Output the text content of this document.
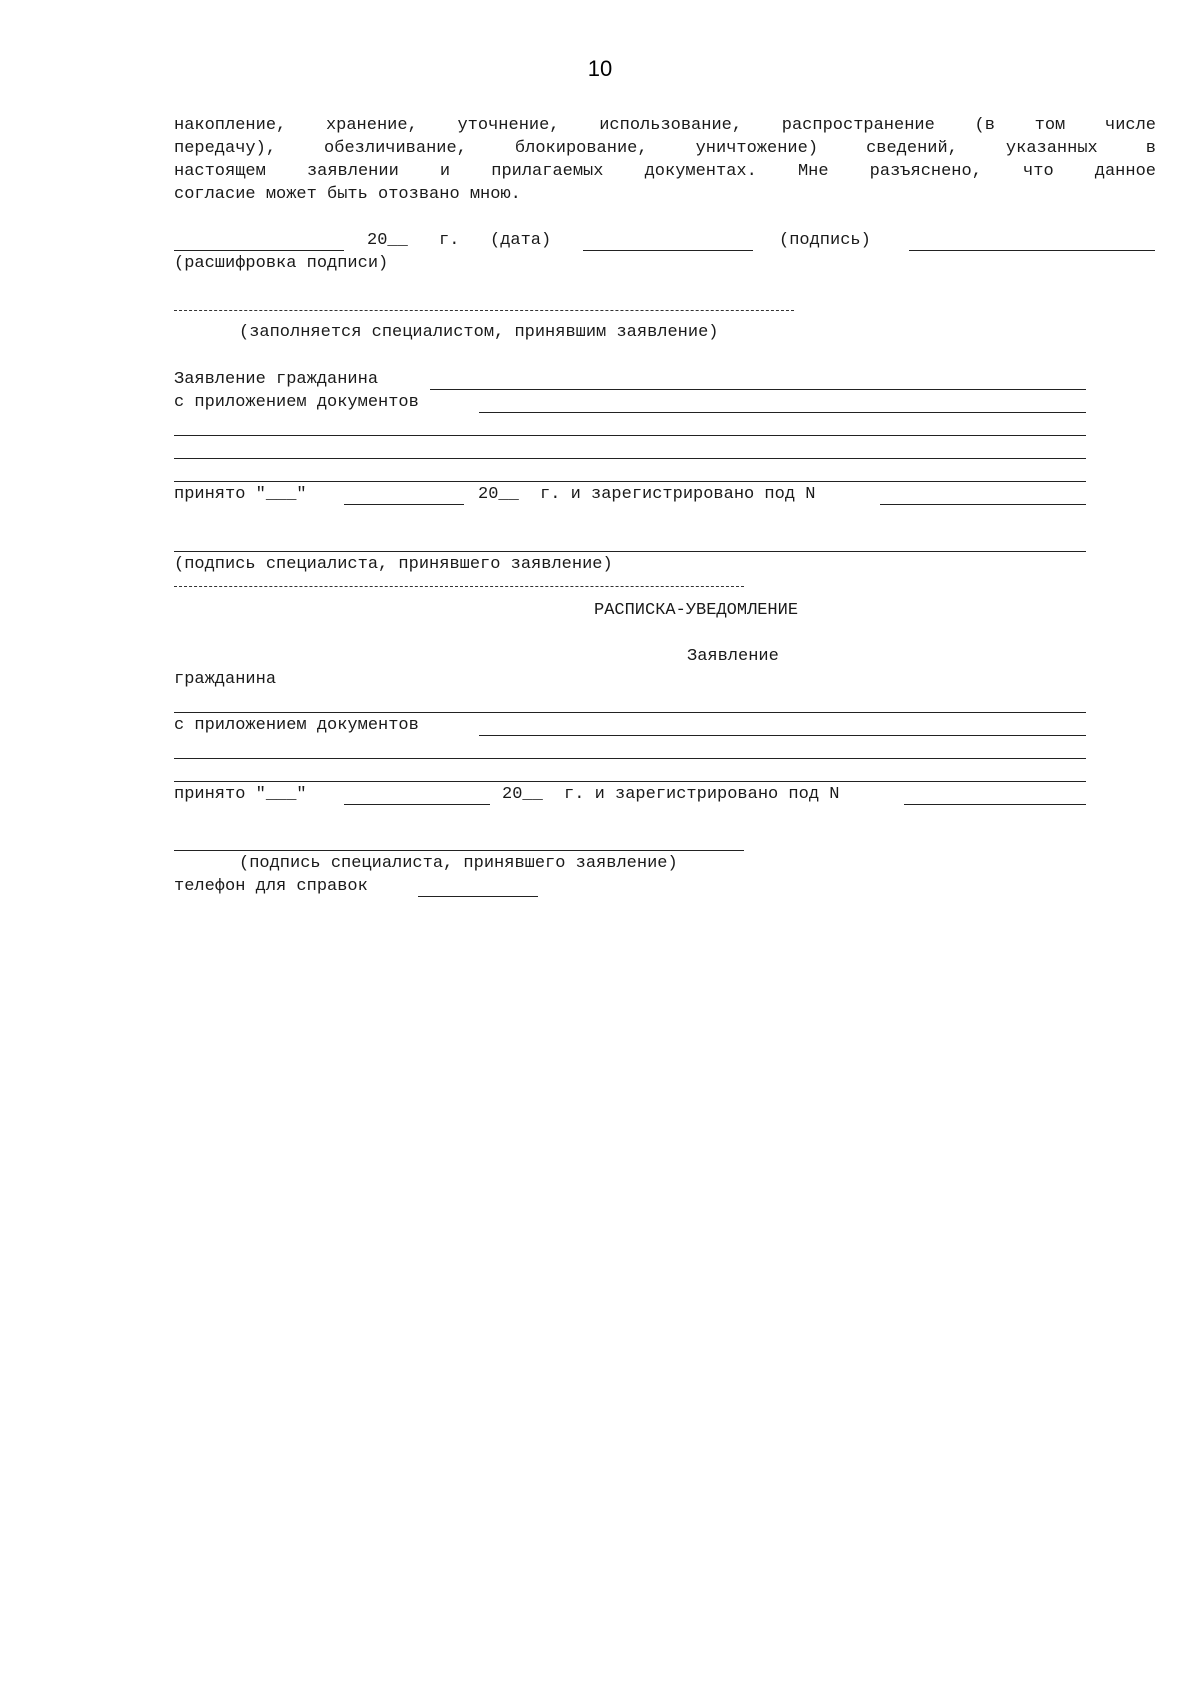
10
накопление, хранение, уточнение, использование, распространение (в том числе
передачу), обезличивание, блокирование, уничтожение) сведений, указанных в
настоящем заявлении и прилагаемых документах. Мне разъяснено, что данное
согласие может быть отозвано мною.
20__ г. (дата)	(подпись)
(расшифровка подписи)
(заполняется специалистом, принявшим заявление)
Заявление гражданина
с приложением документов
принято "___"	20__ г. и зарегистрировано под N
(подпись специалиста, принявшего заявление)
РАСПИСКА-УВЕДОМЛЕНИЕ
Заявление
гражданина
с приложением документов
принято "___"	20__ г. и зарегистрировано под N
(подпись специалиста, принявшего заявление)
телефон для справок
